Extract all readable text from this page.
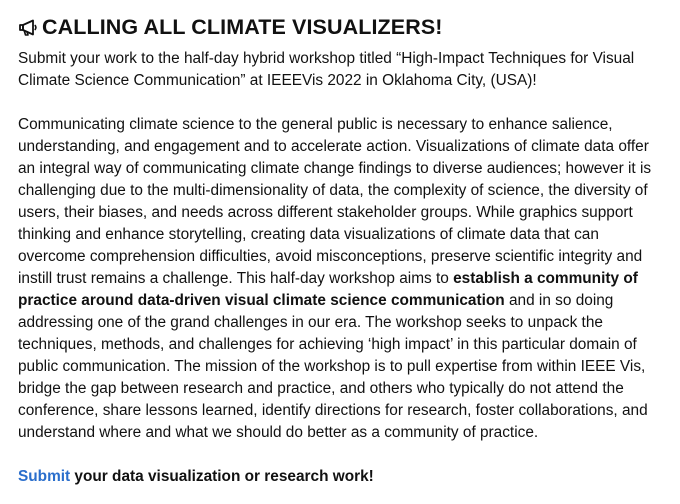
CALLING ALL CLIMATE VISUALIZERS!

Submit your work to the half-day hybrid workshop titled “High-Impact Techniques for Visual Climate Science Communication” at IEEEVis 2022 in Oklahoma City, (USA)!

Communicating climate science to the general public is necessary to enhance salience, understanding, and engagement and to accelerate action. Visualizations of climate data offer an integral way of communicating climate change findings to diverse audiences; however it is challenging due to the multi-dimensionality of data, the complexity of science, the diversity of users, their biases, and needs across different stakeholder groups. While graphics support thinking and enhance storytelling, creating data visualizations of climate data that can overcome comprehension difficulties, avoid misconceptions, preserve scientific integrity and instill trust remains a challenge. This half-day workshop aims to establish a community of practice around data-driven visual climate science communication and in so doing addressing one of the grand challenges in our era. The workshop seeks to unpack the techniques, methods, and challenges for achieving ‘high impact’ in this particular domain of public communication. The mission of the workshop is to pull expertise from within IEEE Vis, bridge the gap between research and practice, and others who typically do not attend the conference, share lessons learned, identify directions for research, foster collaborations, and understand where and what we should do better as a community of practice.

Submit your data visualization or research work!
